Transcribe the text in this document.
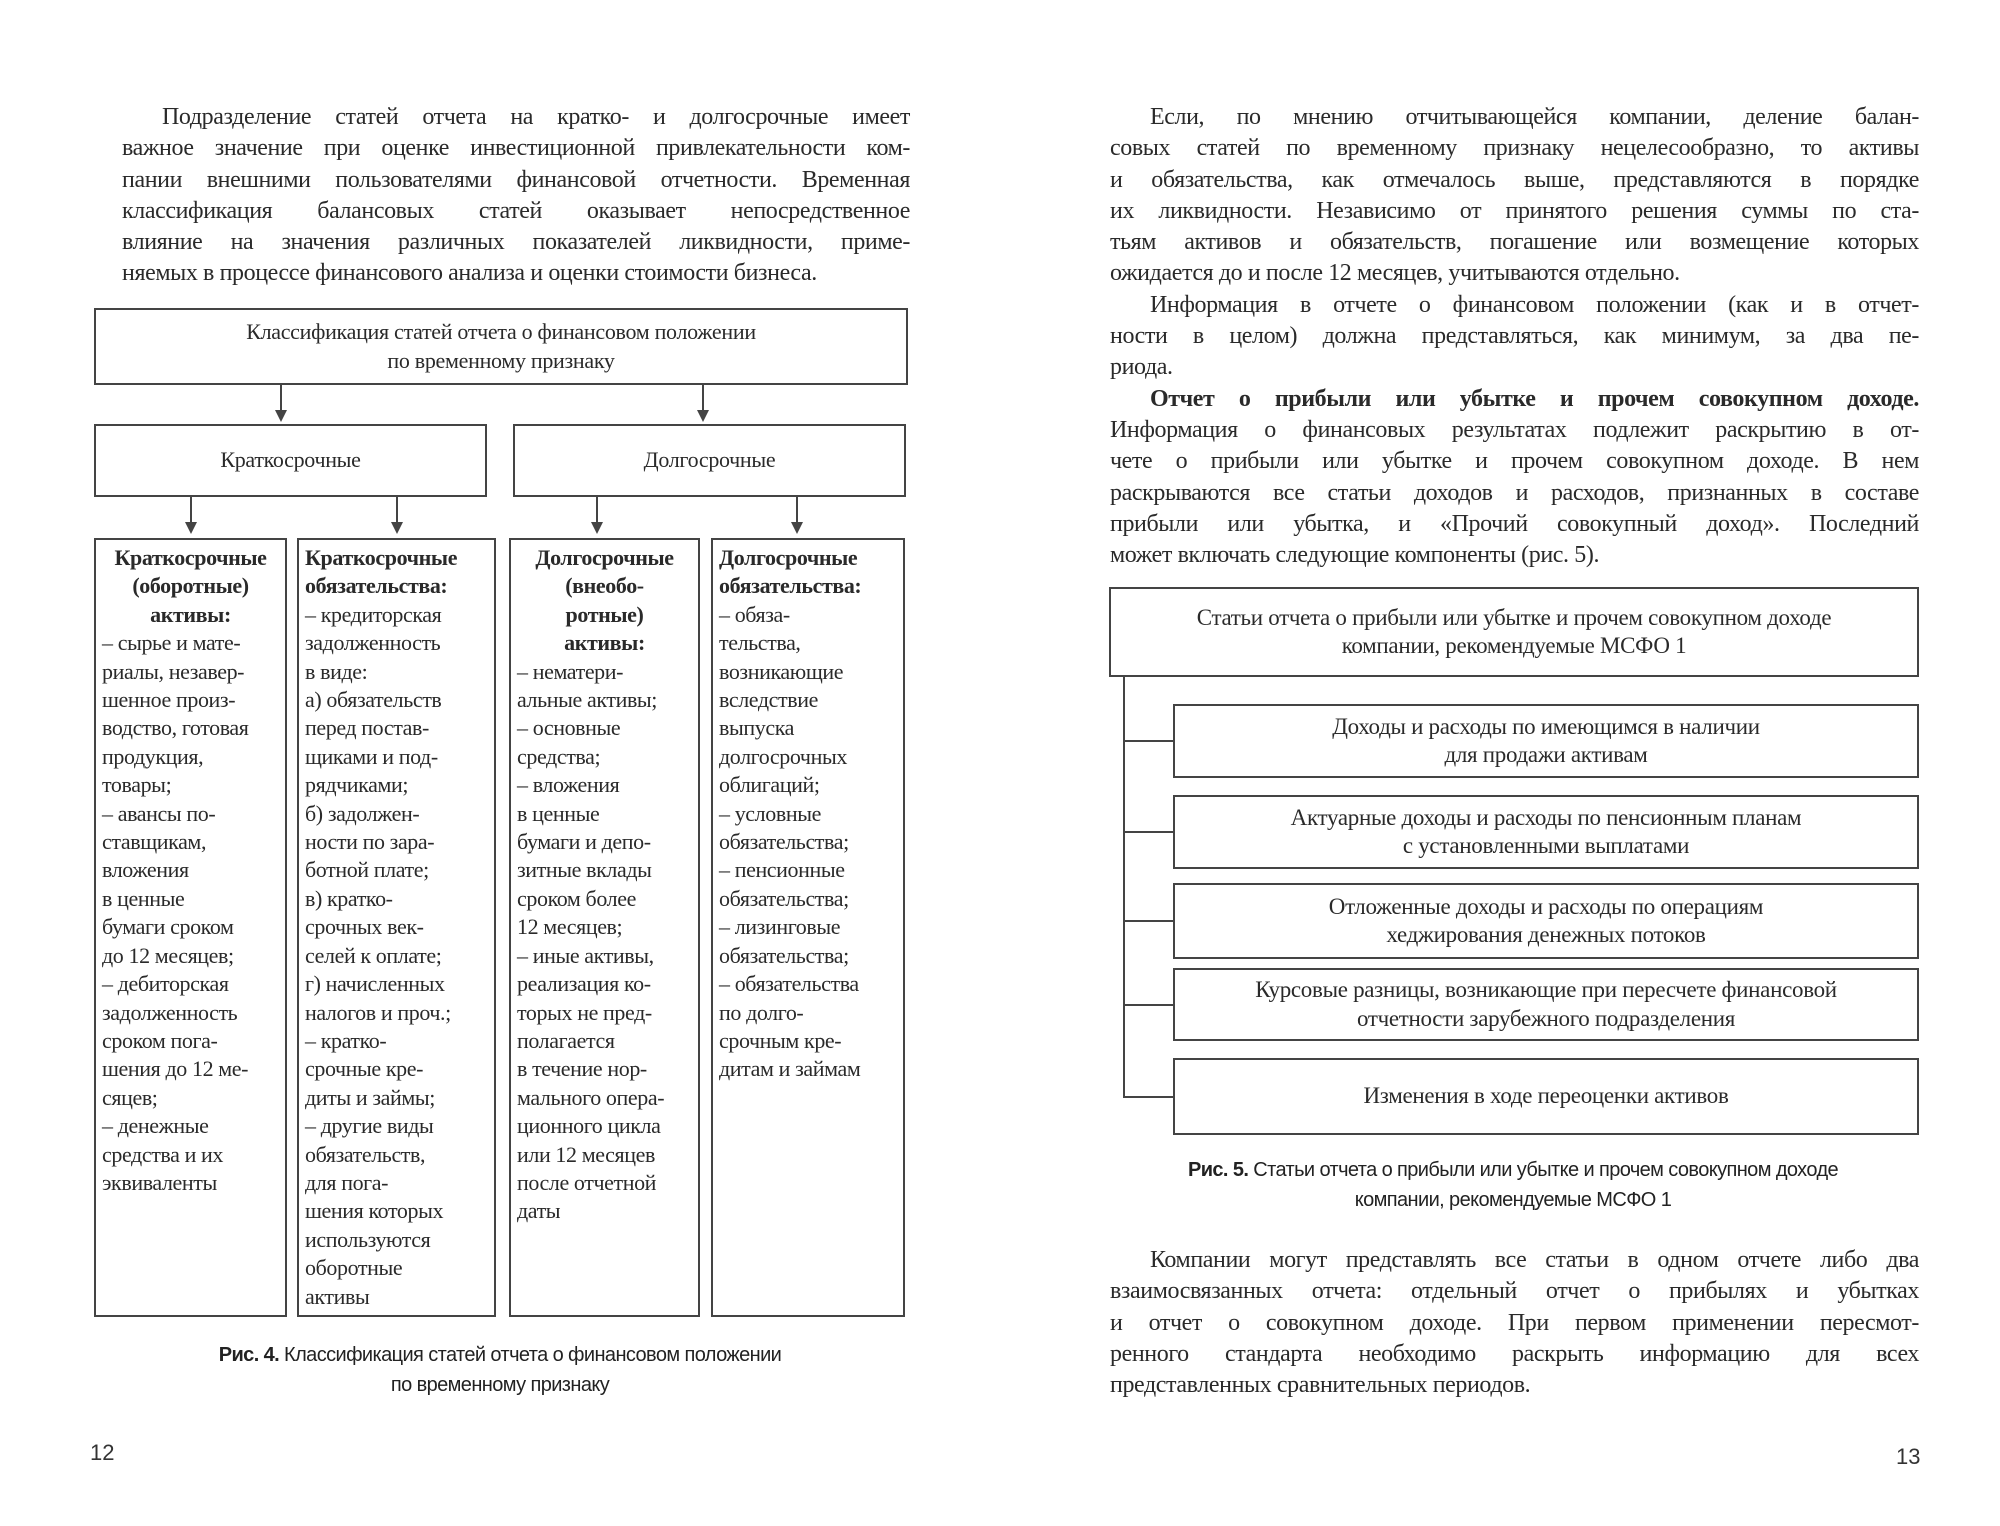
Подразделение статей отчета на кратко- и долгосрочные имеет
важное значение при оценке инвестиционной привлекательности ком-
пании внешними пользователями финансовой отчетности. Временная
классификация балансовых статей оказывает непосредственное
влияние на значения различных показателей ликвидности, приме-
няемых в процессе финансового анализа и оценки стоимости бизнеса.
Классификация статей отчета о финансовом положении
по временному признаку
Краткосрочные	Долгосрочные
Краткосрочные
(оборотные)
активы:
– сырье и мате-
риалы, незавер-
шенное произ-
водство, готовая
продукция,
товары;
– авансы по-
ставщикам,
вложения
в ценные
бумаги сроком
до 12 месяцев;
– дебиторская
задолженность
сроком пога-
шения до 12 ме-
сяцев;
– денежные
средства и их
эквиваленты
Краткосрочные
обязательства:
– кредиторская
задолженность
в виде:
а) обязательств
перед постав-
щиками и под-
рядчиками;
б) задолжен-
ности по зара-
ботной плате;
в) кратко-
срочных век-
селей к оплате;
г) начисленных
налогов и проч.;
– кратко-
срочные кре-
диты и займы;
– другие виды
обязательств,
для пога-
шения которых
используются
оборотные
активы
Долгосрочные
(внеобо-
ротные)
активы:
– нематери-
альные активы;
– основные
средства;
– вложения
в ценные
бумаги и депо-
зитные вклады
сроком более
12 месяцев;
– иные активы,
реализация ко-
торых не пред-
полагается
в течение нор-
мального опера-
ционного цикла
или 12 месяцев
после отчетной
даты
Долгосрочные
обязательства:
– обяза-
тельства,
возникающие
вследствие
выпуска
долгосрочных
облигаций;
– условные
обязательства;
– пенсионные
обязательства;
– лизинговые
обязательства;
– обязательства
по долго-
срочным кре-
дитам и займам
Рис. 4. Классификация статей отчета о финансовом положении
по временному признаку
12
Если, по мнению отчитывающейся компании, деление балан-
совых статей по временному признаку нецелесообразно, то активы
и обязательства, как отмечалось выше, представляются в порядке
их ликвидности. Независимо от принятого решения суммы по ста-
тьям активов и обязательств, погашение или возмещение которых
ожидается до и после 12 месяцев, учитываются отдельно.
Информация в отчете о финансовом положении (как и в отчет-
ности в целом) должна представляться, как минимум, за два пе-
риода.
Отчет о прибыли или убытке и прочем совокупном доходе.
Информация о финансовых результатах подлежит раскрытию в от-
чете о прибыли или убытке и прочем совокупном доходе. В нем
раскрываются все статьи доходов и расходов, признанных в составе
прибыли или убытка, и «Прочий совокупный доход». Последний
может включать следующие компоненты (рис. 5).
Статьи отчета о прибыли или убытке и прочем совокупном доходе
компании, рекомендуемые МСФО 1
Доходы и расходы по имеющимся в наличии
для продажи активам
Актуарные доходы и расходы по пенсионным планам
с установленными выплатами
Отложенные доходы и расходы по операциям
хеджирования денежных потоков
Курсовые разницы, возникающие при пересчете финансовой
отчетности зарубежного подразделения
Изменения в ходе переоценки активов
Рис. 5. Статьи отчета о прибыли или убытке и прочем совокупном доходе
компании, рекомендуемые МСФО 1
Компании могут представлять все статьи в одном отчете либо два
взаимосвязанных отчета: отдельный отчет о прибылях и убытках
и отчет о совокупном доходе. При первом применении пересмот-
ренного стандарта необходимо раскрыть информацию для всех
представленных сравнительных периодов.
13
